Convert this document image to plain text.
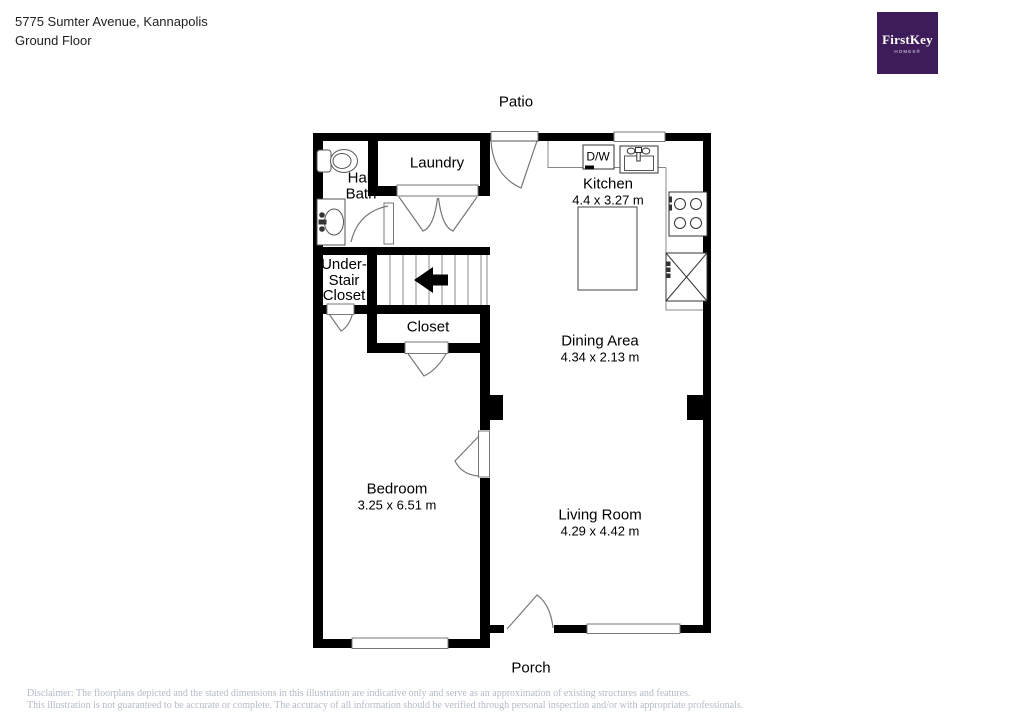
5775 Sumter Avenue, Kannapolis
Ground Floor	FirstKey
HOMES®
Patio
Half
Bath
Laundry	D/W
Kitchen
4.4 x 3.27 m
Under-
Stair
Closet
Closet
Dining Area
4.34 x 2.13 m
Bedroom
3.25 x 6.51 m
Living Room
4.29 x 4.42 m
Porch
Disclaimer: The floorplans depicted and the stated dimensions in this illustration are indicative only and serve as an approximation of existing structures and features.
This illustration is not guaranteed to be accurate or complete. The accuracy of all information should be verified through personal inspection and/or with appropriate professionals.
